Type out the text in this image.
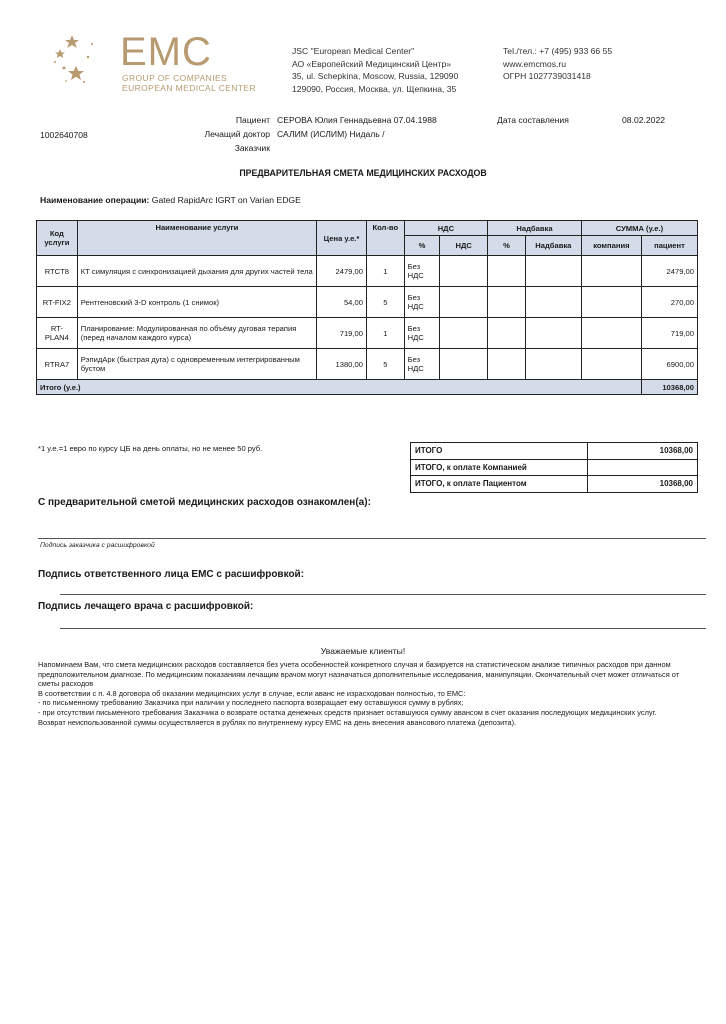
EMC
GROUP OF COMPANIES
EUROPEAN MEDICAL CENTER
JSC "European Medical Center"
АО «Европейский Медицинский Центр»
35, ul. Schepkina, Moscow, Russia, 129090
129090, Россия, Москва, ул. Щепкина, 35
Tel./тел.: +7 (495) 933 66 55
www.emcmos.ru
ОГРН 1027739031418
1002640708
Пациент СЕРОВА Юлия Геннадьевна 07.04.1988
Лечащий доктор САЛИМ (ИСЛИМ) Нидаль /
Заказчик
Дата составления	08.02.2022
ПРЕДВАРИТЕЛЬНАЯ СМЕТА МЕДИЦИНСКИХ РАСХОДОВ
Наименование операции: Gated RapidArc IGRT on Varian EDGE
Код услуги	Наименование услуги	Цена у.е.*	Кол-во	НДС		Надбавка		СУММА (у.е.)	
				%	НДС	%	Надбавка	компания	пациент
RTCT8	КТ симуляция с синхронизацией дыхания для других частей тела	2479,00	1	Без НДС					2479,00
RT-FIX2	Рентгеновский 3-D контроль (1 снимок)	54,00	5	Без НДС					270,00
RT-PLAN4	Планирование: Модулированная по объёму дуговая терапия (перед началом каждого курса)	719,00	1	Без НДС					719,00
RTRA7	РэпидАрк (быстрая дуга) с одновременным интегрированным бустом	1380,00	5	Без НДС					6900,00
Итого (у.е.)									10368,00
*1 у.е.=1 евро по курсу ЦБ на день оплаты, но не менее 50 руб.	ИТОГО	10368,00
ИТОГО, к оплате Компанией	
ИТОГО, к оплате Пациентом	10368,00
С предварительной сметой медицинских расходов ознакомлен(а):
Подпись заказчика с расшифровкой
Подпись ответственного лица EMC с расшифровкой:
Подпись лечащего врача с расшифровкой:
Уважаемые клиенты!

Напоминаем Вам, что смета медицинских расходов составляется без учета особенностей конкретного случая и базируется на статистическом анализе типичных расходов при данном предположительном диагнозе. По медицинским показаниям лечащим врачом могут назначаться дополнительные исследования, манипуляции. Окончательный счет может отличаться от сметы расходов

В соответствии с п. 4.8 договора об оказании медицинских услуг в случае, если аванс не израсходован полностью, то ЕМС:

- по письменному требованию Заказчика при наличии у последнего паспорта возвращает ему оставшуюся сумму в рублях;

- при отсутствии письменного требования Заказчика о возврате остатка денежных средств признает оставшуюся сумму авансом в счет оказания последующих медицинских услуг.

Возврат неиспользованной суммы осуществляется в рублях по внутреннему курсу ЕМС на день внесения авансового платежа (депозита).
